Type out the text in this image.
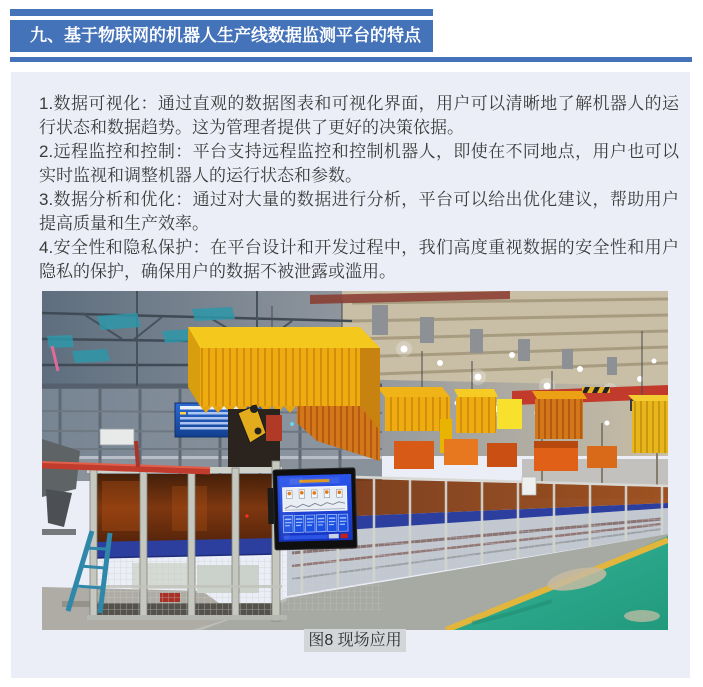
九、基于物联网的机器人生产线数据监测平台的特点

1.数据可视化：通过直观的数据图表和可视化界面，用户可以清晰地了解机器人的运行状态和数据趋势。这为管理者提供了更好的决策依据。

2.远程监控和控制：平台支持远程监控和控制机器人，即使在不同地点，用户也可以实时监视和调整机器人的运行状态和参数。

3.数据分析和优化：通过对大量的数据进行分析，平台可以给出优化建议，帮助用户提高质量和生产效率。

4.安全性和隐私保护：在平台设计和开发过程中，我们高度重视数据的安全性和用户隐私的保护，确保用户的数据不被泄露或滥用。

图8 现场应用
